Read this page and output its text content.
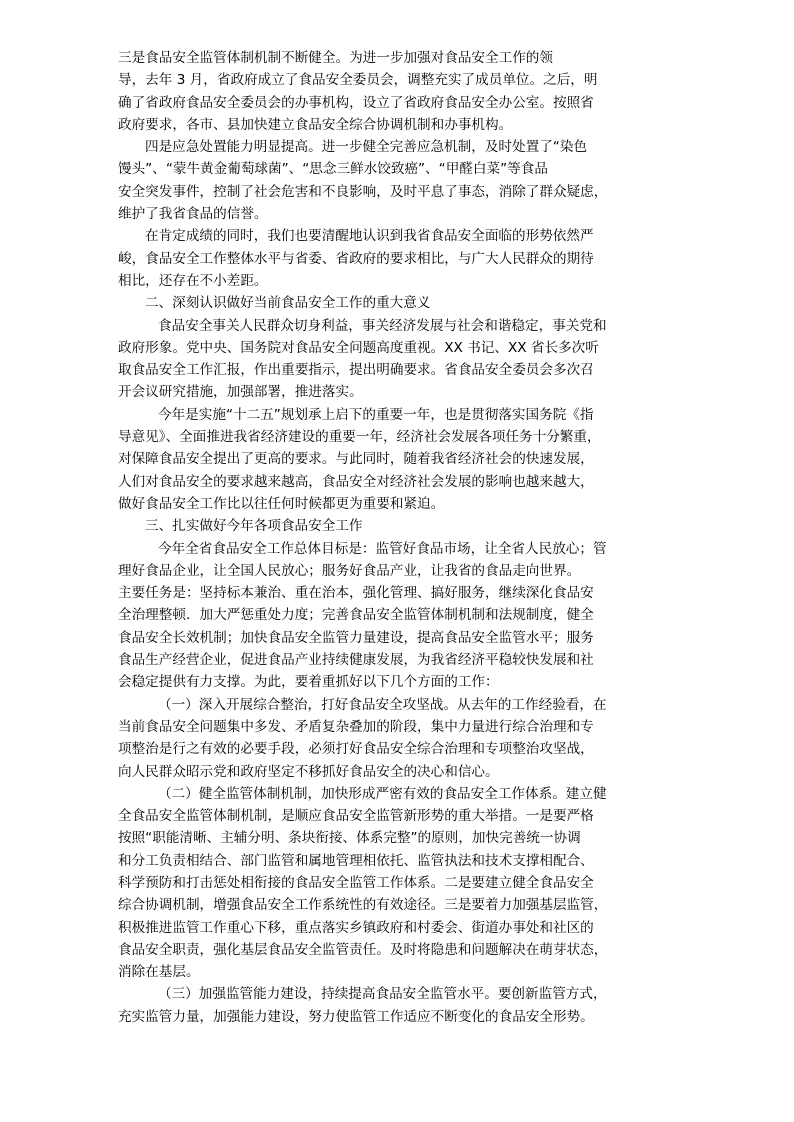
三是食品安全监管体制机制不断健全。为进一步加强对食品安全工作的领
导，去年 3 月，省政府成立了食品安全委员会，调整充实了成员单位。之后，明
确了省政府食品安全委员会的办事机构，设立了省政府食品安全办公室。按照省
政府要求，各市、县加快建立食品安全综合协调机制和办事机构。
四是应急处置能力明显提高。进一步健全完善应急机制，及时处置了“染色
馒头”、“蒙牛黄金葡萄球菌”、“思念三鲜水饺致癌”、“甲醛白菜”等食品
安全突发事件，控制了社会危害和不良影响，及时平息了事态，消除了群众疑虑，
维护了我省食品的信誉。
在肯定成绩的同时，我们也要清醒地认识到我省食品安全面临的形势依然严
峻，食品安全工作整体水平与省委、省政府的要求相比，与广大人民群众的期待
相比，还存在不小差距。
二、深刻认识做好当前食品安全工作的重大意义
食品安全事关人民群众切身利益，事关经济发展与社会和谐稳定，事关党和
政府形象。党中央、国务院对食品安全问题高度重视。XX 书记、XX 省长多次听
取食品安全工作汇报，作出重要指示，提出明确要求。省食品安全委员会多次召
开会议研究措施，加强部署，推进落实。
今年是实施“十二五”规划承上启下的重要一年，也是贯彻落实国务院《指
导意见》、全面推进我省经济建设的重要一年，经济社会发展各项任务十分繁重，
对保障食品安全提出了更高的要求。与此同时，随着我省经济社会的快速发展，
人们对食品安全的要求越来越高，食品安全对经济社会发展的影响也越来越大，
做好食品安全工作比以往任何时候都更为重要和紧迫。
三、扎实做好今年各项食品安全工作
今年全省食品安全工作总体目标是：监管好食品市场，让全省人民放心；管
理好食品企业，让全国人民放心；服务好食品产业，让我省的食品走向世界。
主要任务是：坚持标本兼治、重在治本，强化管理、搞好服务，继续深化食品安
全治理整顿．加大严惩重处力度；完善食品安全监管体制机制和法规制度，健全
食品安全长效机制；加快食品安全监管力量建设，提高食品安全监管水平；服务
食品生产经营企业，促进食品产业持续健康发展，为我省经济平稳较快发展和社
会稳定提供有力支撑。为此，要着重抓好以下几个方面的工作：
（一）深入开展综合整治，打好食品安全攻坚战。从去年的工作经验看，在
当前食品安全问题集中多发、矛盾复杂叠加的阶段，集中力量进行综合治理和专
项整治是行之有效的必要手段，必须打好食品安全综合治理和专项整治攻坚战，
向人民群众昭示党和政府坚定不移抓好食品安全的决心和信心。
（二）健全监管体制机制，加快形成严密有效的食品安全工作体系。建立健
全食品安全监管体制机制，是顺应食品安全监管新形势的重大举措。一是要严格
按照“职能清晰、主辅分明、条块衔接、体系完整”的原则，加快完善统一协调
和分工负责相结合、部门监管和属地管理相依托、监管执法和技术支撑相配合、
科学预防和打击惩处相衔接的食品安全监管工作体系。二是要建立健全食品安全
综合协调机制，增强食品安全工作系统性的有效途径。三是要着力加强基层监管，
积极推进监管工作重心下移，重点落实乡镇政府和村委会、街道办事处和社区的
食品安全职责，强化基层食品安全监管责任。及时将隐患和问题解决在萌芽状态，
消除在基层。
（三）加强监管能力建设，持续提高食品安全监管水平。要创新监管方式，
充实监管力量，加强能力建设，努力使监管工作适应不断变化的食品安全形势。
